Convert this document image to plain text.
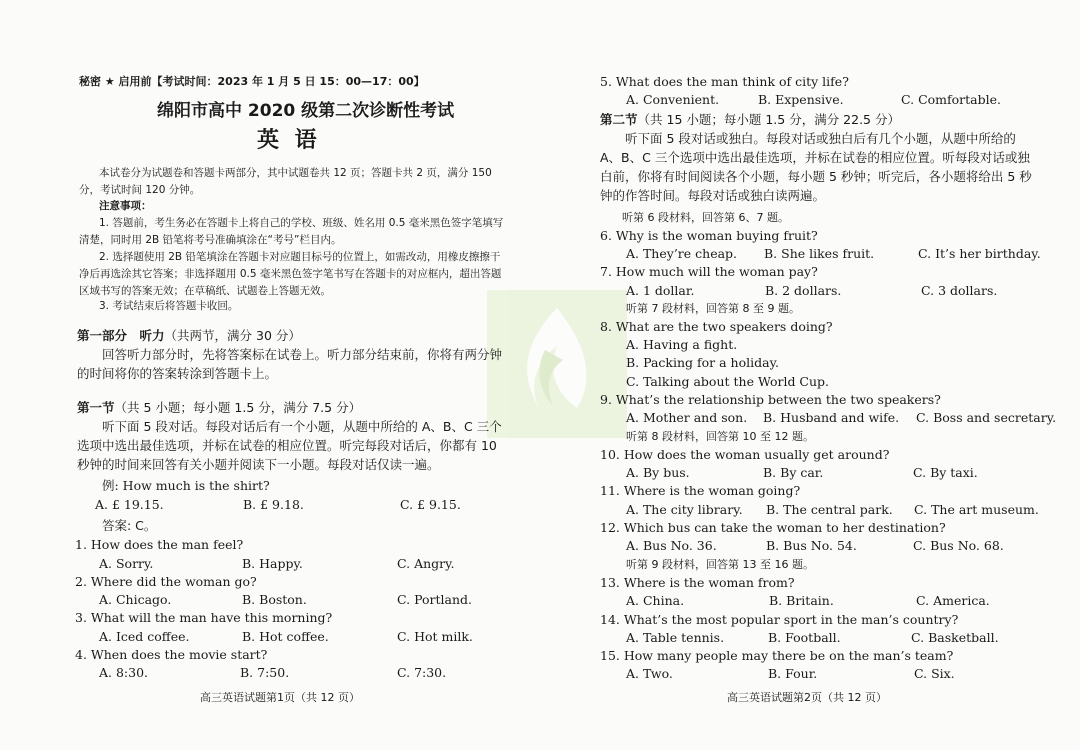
秘密 ★ 启用前【考试时间：2023 年 1 月 5 日 15：00—17：00】
绵阳市高中 2020 级第二次诊断性考试
英 语
本试卷分为试题卷和答题卡两部分，其中试题卷共 12 页；答题卡共 2 页，满分 150 分，考试时间 120 分钟。
注意事项：
1. 答题前，考生务必在答题卡上将自己的学校、班级、姓名用 0.5 毫米黑色签字笔填写清楚，同时用 2B 铅笔将考号准确填涂在“考号”栏目内。
2. 选择题使用 2B 铅笔填涂在答题卡对应题目标号的位置上，如需改动，用橡皮擦擦干净后再选涂其它答案；非选择题用 0.5 毫米黑色签字笔书写在答题卡的对应框内，超出答题区域书写的答案无效；在草稿纸、试题卷上答题无效。
3. 考试结束后将答题卡收回。
第一部分　听力（共两节，满分 30 分）
回答听力部分时，先将答案标在试卷上。听力部分结束前，你将有两分钟的时间将你的答案转涂到答题卡上。
第一节（共 5 小题；每小题 1.5 分，满分 7.5 分）
听下面 5 段对话。每段对话后有一个小题，从题中所给的 A、B、C 三个选项中选出最佳选项，并标在试卷的相应位置。听完每段对话后，你都有 10 秒钟的时间来回答有关小题并阅读下一小题。每段对话仅读一遍。
例: How much is the shirt?
A. £ 19.15.	B. £ 9.18.	C. £ 9.15.
答案: C。
1. How does the man feel?
A. Sorry.	B. Happy.	C. Angry.
2. Where did the woman go?
A. Chicago.	B. Boston.	C. Portland.
3. What will the man have this morning?
A. Iced coffee.	B. Hot coffee.	C. Hot milk.
4. When does the movie start?
A. 8:30.	B. 7:50.	C. 7:30.
高三英语试题第1页（共 12 页）
5. What does the man think of city life?
A. Convenient.	B. Expensive.	C. Comfortable.
第二节（共 15 小题；每小题 1.5 分，满分 22.5 分）
听下面 5 段对话或独白。每段对话或独白后有几个小题，从题中所给的 A、B、C 三个选项中选出最佳选项，并标在试卷的相应位置。听每段对话或独白前，你将有时间阅读各个小题，每小题 5 秒钟；听完后，各小题将给出 5 秒钟的作答时间。每段对话或独白读两遍。
听第 6 段材料，回答第 6、7 题。
6. Why is the woman buying fruit?
A. They’re cheap. B. She likes fruit.	C. It’s her birthday.
7. How much will the woman pay?
A. 1 dollar.	B. 2 dollars.	C. 3 dollars.
听第 7 段材料，回答第 8 至 9 题。
8. What are the two speakers doing?
A. Having a fight.
B. Packing for a holiday.
C. Talking about the World Cup.
9. What’s the relationship between the two speakers?
A. Mother and son. B. Husband and wife. C. Boss and secretary.
听第 8 段材料，回答第 10 至 12 题。
10. How does the woman usually get around?
A. By bus.	B. By car.	C. By taxi.
11. Where is the woman going?
A. The city library. B. The central park. C. The art museum.
12. Which bus can take the woman to her destination?
A. Bus No. 36.	B. Bus No. 54.	C. Bus No. 68.
听第 9 段材料，回答第 13 至 16 题。
13. Where is the woman from?
A. China.	B. Britain.	C. America.
14. What’s the most popular sport in the man’s country?
A. Table tennis.	B. Football.	C. Basketball.
15. How many people may there be on the man’s team?
A. Two.	B. Four.	C. Six.
高三英语试题第2页（共 12 页）
